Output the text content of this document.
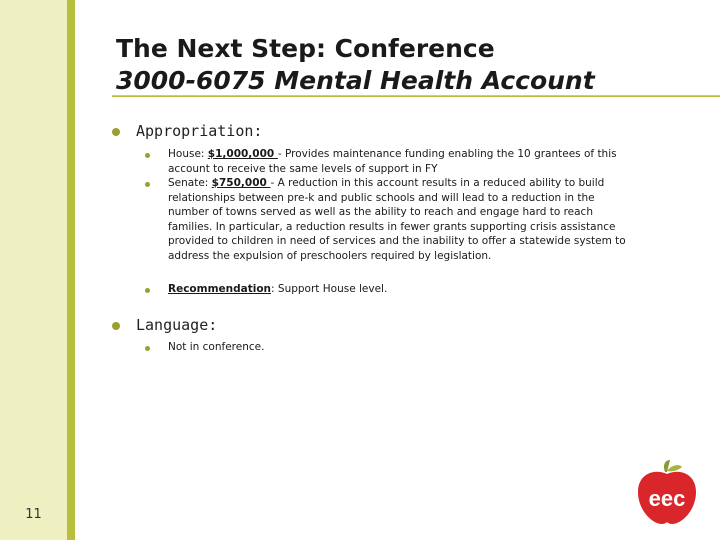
11
The Next Step: Conference
3000-6075 Mental Health Account
Appropriation:
House: $1,000,000 - Provides maintenance funding enabling the 10 grantees of this account to receive the same levels of support in FY
Senate: $750,000 - A reduction in this account results in a reduced ability to build relationships between pre-k and public schools and will lead to a reduction in the number of towns served as well as the ability to reach and engage hard to reach families. In particular, a reduction results in fewer grants supporting crisis assistance provided to children in need of services and the inability to offer a statewide system to address the expulsion of preschoolers required by legislation.
Recommendation: Support House level.
Language:
Not in conference.
eec
